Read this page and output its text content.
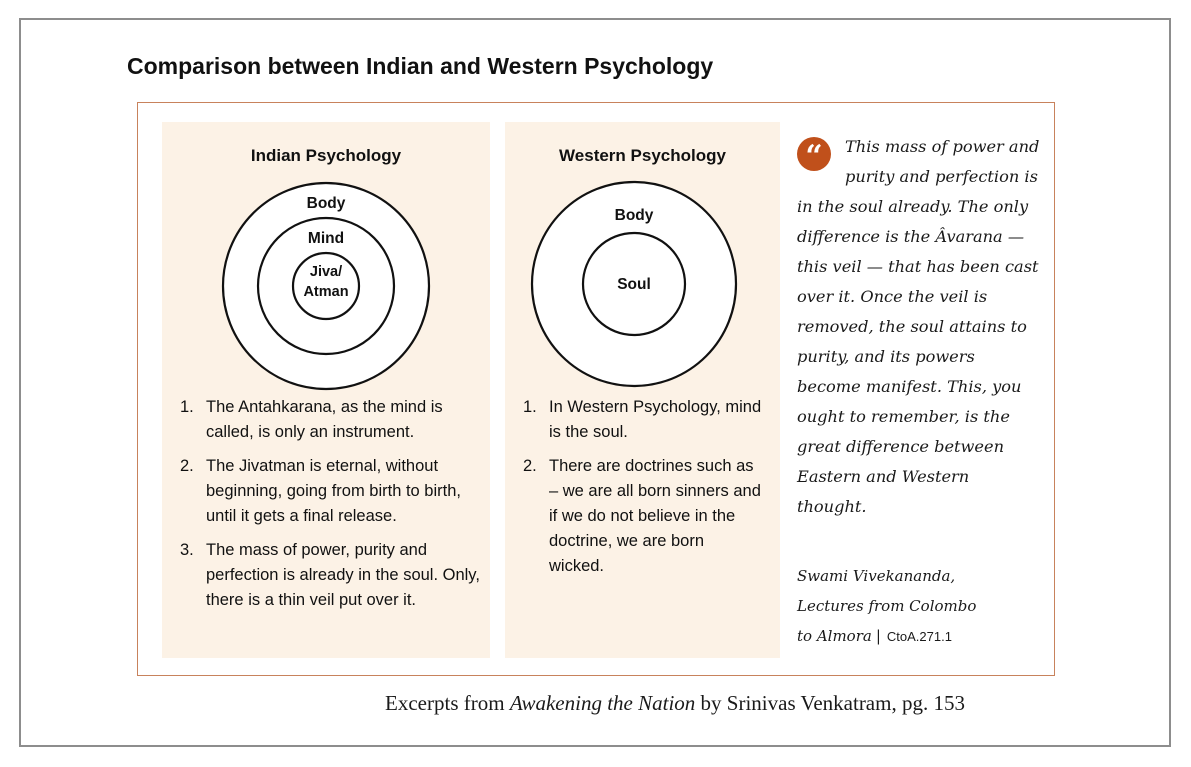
Comparison between Indian and Western Psychology
Indian Psychology
Body
Mind
Jiva/
Atman
1. The Antahkarana, as the mind is called, is only an instrument.
2. The Jivatman is eternal, without beginning, going from birth to birth, until it gets a final release.
3. The mass of power, purity and perfection is already in the soul. Only, there is a thin veil put over it.
Western Psychology
Body
Soul
1. In Western Psychology, mind is the soul.
2. There are doctrines such as – we are all born sinners and if we do not believe in the doctrine, we are born wicked.
“	This mass of power and purity and perfection is in the soul already. The only difference is the Âvarana — this veil — that has been cast over it. Once the veil is removed, the soul attains to purity, and its powers become manifest. This, you ought to remember, is the great difference between Eastern and Western thought.
Swami Vivekananda,
Lectures from Colombo
to Almora | CtoA.271.1
Excerpts from Awakening the Nation by Srinivas Venkatram, pg. 153
